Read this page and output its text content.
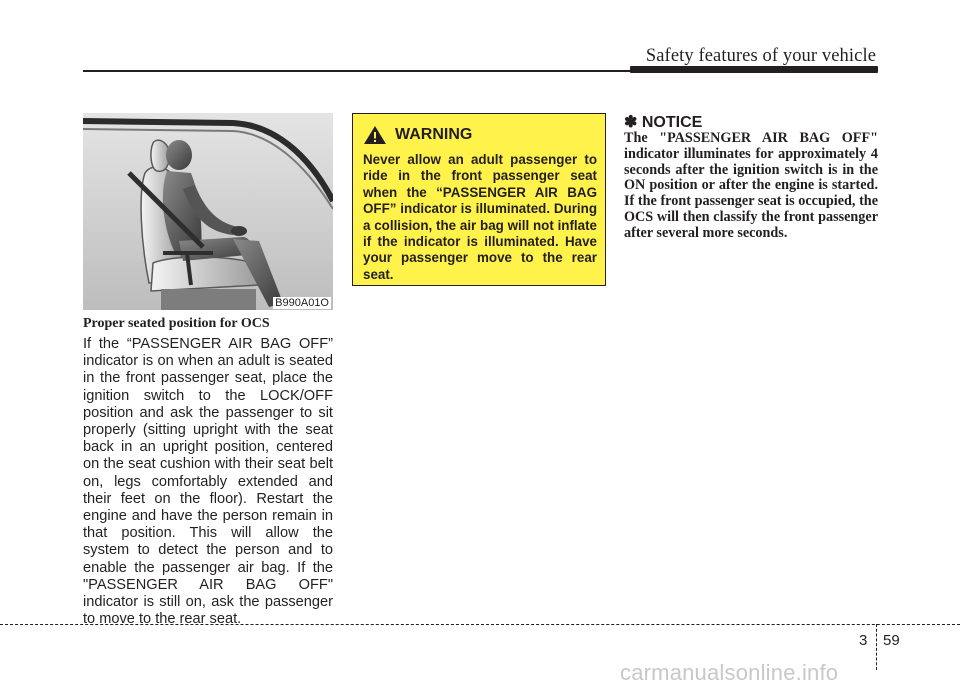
Safety features of your vehicle
B990A01O
Proper seated position for OCS
If the “PASSENGER AIR BAG OFF” indicator is on when an adult is seated in the front passenger seat, place the ignition switch to the LOCK/OFF position and ask the passenger to sit properly (sitting upright with the seat back in an upright position, centered on the seat cushion with their seat belt on, legs comfortably extended and their feet on the floor). Restart the engine and have the person remain in that position. This will allow the system to detect the person and to enable the passenger air bag. If the "PASSENGER AIR BAG OFF" indicator is still on, ask the passenger to move to the rear seat.
WARNING
Never allow an adult passenger to ride in the front passenger seat when the “PASSENGER AIR BAG OFF” indicator is illuminated. During a collision, the air bag will not inflate if the indicator is illuminated. Have your passenger move to the rear seat.
✽ NOTICE
The "PASSENGER AIR BAG OFF" indicator illuminates for approximately 4 seconds after the ignition switch is in the ON position or after the engine is started. If the front passenger seat is occupied, the OCS will then classify the front passenger after several more seconds.
3 59
carmanualsonline.info
